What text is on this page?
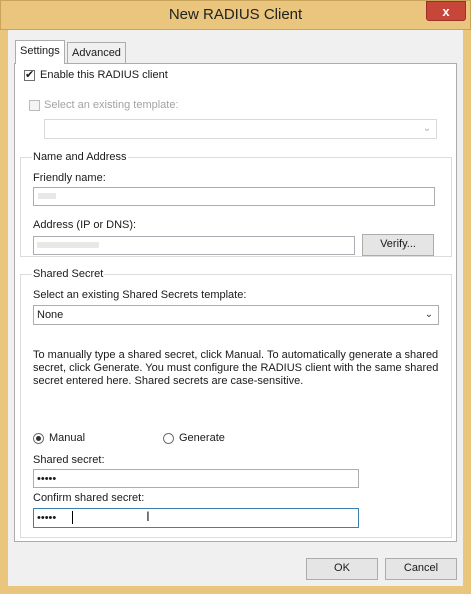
New RADIUS Client	x
Settings	Advanced
✔ Enable this RADIUS client
Select an existing template:
⌄
Name and Address
Friendly name:
Address (IP or DNS):
Verify...
Shared Secret
Select an existing Shared Secrets template:
None	⌄
To manually type a shared secret, click Manual. To automatically generate a shared secret, click Generate. You must configure the RADIUS client with the same shared secret entered here. Shared secrets are case-sensitive.
Manual	Generate
Shared secret:
•••••
Confirm shared secret:
•••••	I
OK	Cancel
